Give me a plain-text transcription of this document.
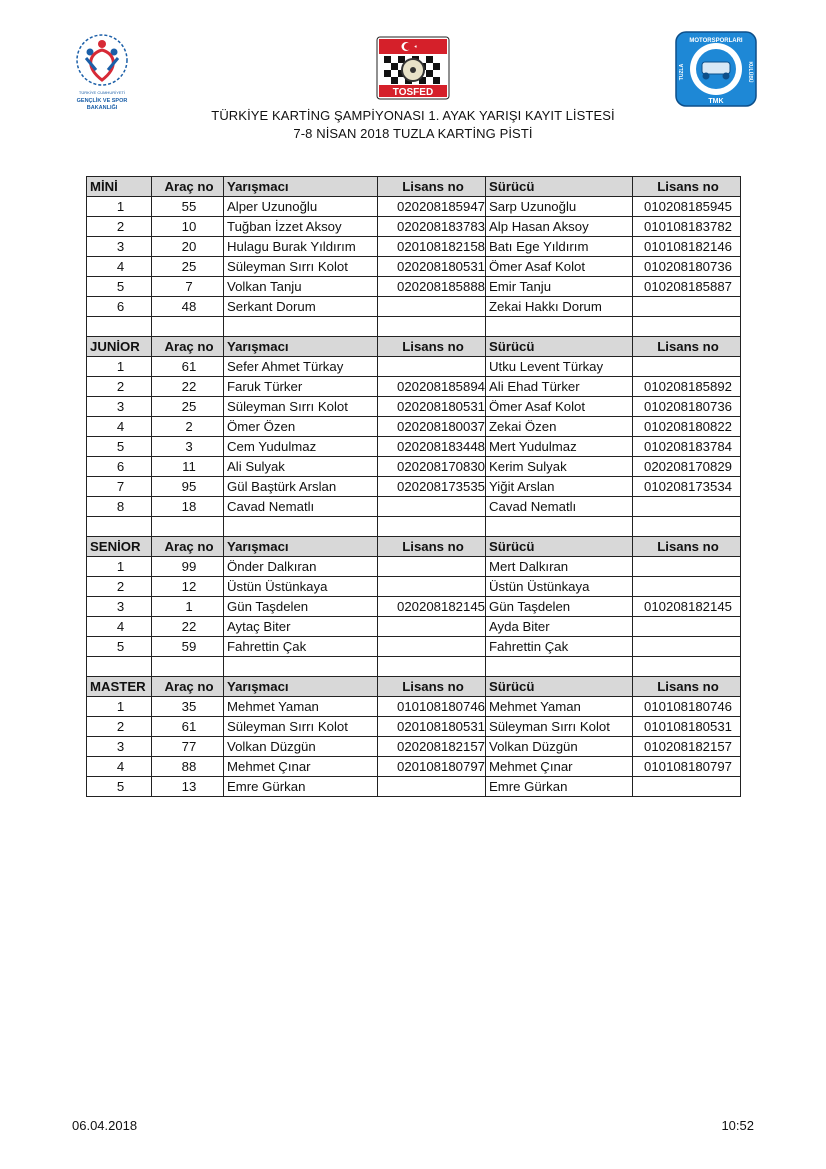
TÜRKİYE CUMHURİYETİ
GENÇLİK VE SPOR
BAKANLIĞI
TOSFED
MOTORSPORLARI
TMK
TUZLA	KULÜBÜ
TÜRKİYE KARTİNG ŞAMPİYONASI 1. AYAK YARIŞI KAYIT LİSTESİ
7-8 NİSAN 2018 TUZLA KARTİNG PİSTİ
MİNİ	Araç no	Yarışmacı	Lisans no	Sürücü	Lisans no
1	55	Alper Uzunoğlu	020208185947	Sarp Uzunoğlu	010208185945
2	10	Tuğban İzzet Aksoy	020208183783	Alp Hasan Aksoy	010108183782
3	20	Hulagu Burak Yıldırım	020108182158	Batı Ege Yıldırım	010108182146
4	25	Süleyman Sırrı Kolot	020208180531	Ömer Asaf Kolot	010208180736
5	7	Volkan Tanju	020208185888	Emir Tanju	010208185887
6	48	Serkant Dorum		Zekai Hakkı Dorum	

JUNİOR	Araç no	Yarışmacı	Lisans no	Sürücü	Lisans no
1	61	Sefer Ahmet Türkay		Utku Levent Türkay	
2	22	Faruk Türker	020208185894	Ali Ehad Türker	010208185892
3	25	Süleyman Sırrı Kolot	020208180531	Ömer Asaf Kolot	010208180736
4	2	Ömer Özen	020208180037	Zekai Özen	010208180822
5	3	Cem Yudulmaz	020208183448	Mert Yudulmaz	010208183784
6	11	Ali Sulyak	020208170830	Kerim Sulyak	020208170829
7	95	Gül Baştürk Arslan	020208173535	Yiğit Arslan	010208173534
8	18	Cavad Nematlı		Cavad Nematlı	

SENİOR	Araç no	Yarışmacı	Lisans no	Sürücü	Lisans no
1	99	Önder Dalkıran		Mert Dalkıran	
2	12	Üstün Üstünkaya		Üstün Üstünkaya	
3	1	Gün Taşdelen	020208182145	Gün Taşdelen	010208182145
4	22	Aytaç Biter		Ayda Biter	
5	59	Fahrettin Çak		Fahrettin Çak	

MASTER	Araç no	Yarışmacı	Lisans no	Sürücü	Lisans no
1	35	Mehmet Yaman	010108180746	Mehmet Yaman	010108180746
2	61	Süleyman Sırrı Kolot	020108180531	Süleyman Sırrı Kolot	010108180531
3	77	Volkan Düzgün	020208182157	Volkan Düzgün	010208182157
4	88	Mehmet Çınar	020108180797	Mehmet Çınar	010108180797
5	13	Emre Gürkan		Emre Gürkan	
06.04.2018	10:52
